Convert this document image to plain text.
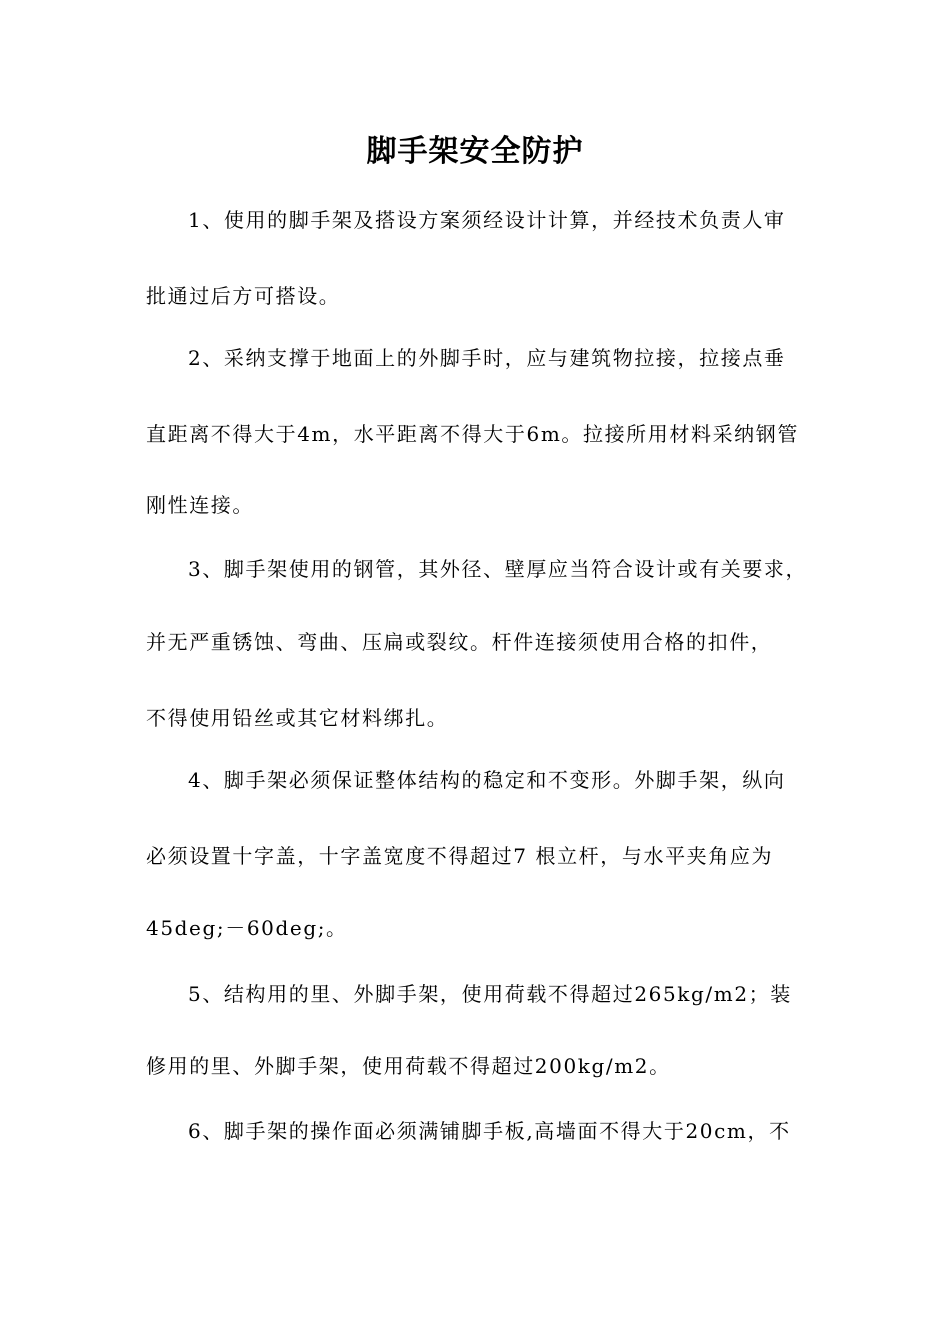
脚手架安全防护
1、使用的脚手架及搭设方案须经设计计算，并经技术负责人审
批通过后方可搭设。
2、采纳支撑于地面上的外脚手时，应与建筑物拉接，拉接点垂
直距离不得大于4m，水平距离不得大于6m。拉接所用材料采纳钢管
刚性连接。
3、脚手架使用的钢管，其外径、壁厚应当符合设计或有关要求，
并无严重锈蚀、弯曲、压扁或裂纹。杆件连接须使用合格的扣件，
不得使用铅丝或其它材料绑扎。
4、脚手架必须保证整体结构的稳定和不变形。外脚手架，纵向
必须设置十字盖，十字盖宽度不得超过7 根立杆，与水平夹角应为
45deg;－60deg;。
5、结构用的里、外脚手架，使用荷载不得超过265kg/m2；装
修用的里、外脚手架，使用荷载不得超过200kg/m2。
6、脚手架的操作面必须满铺脚手板,高墙面不得大于20cm，不
